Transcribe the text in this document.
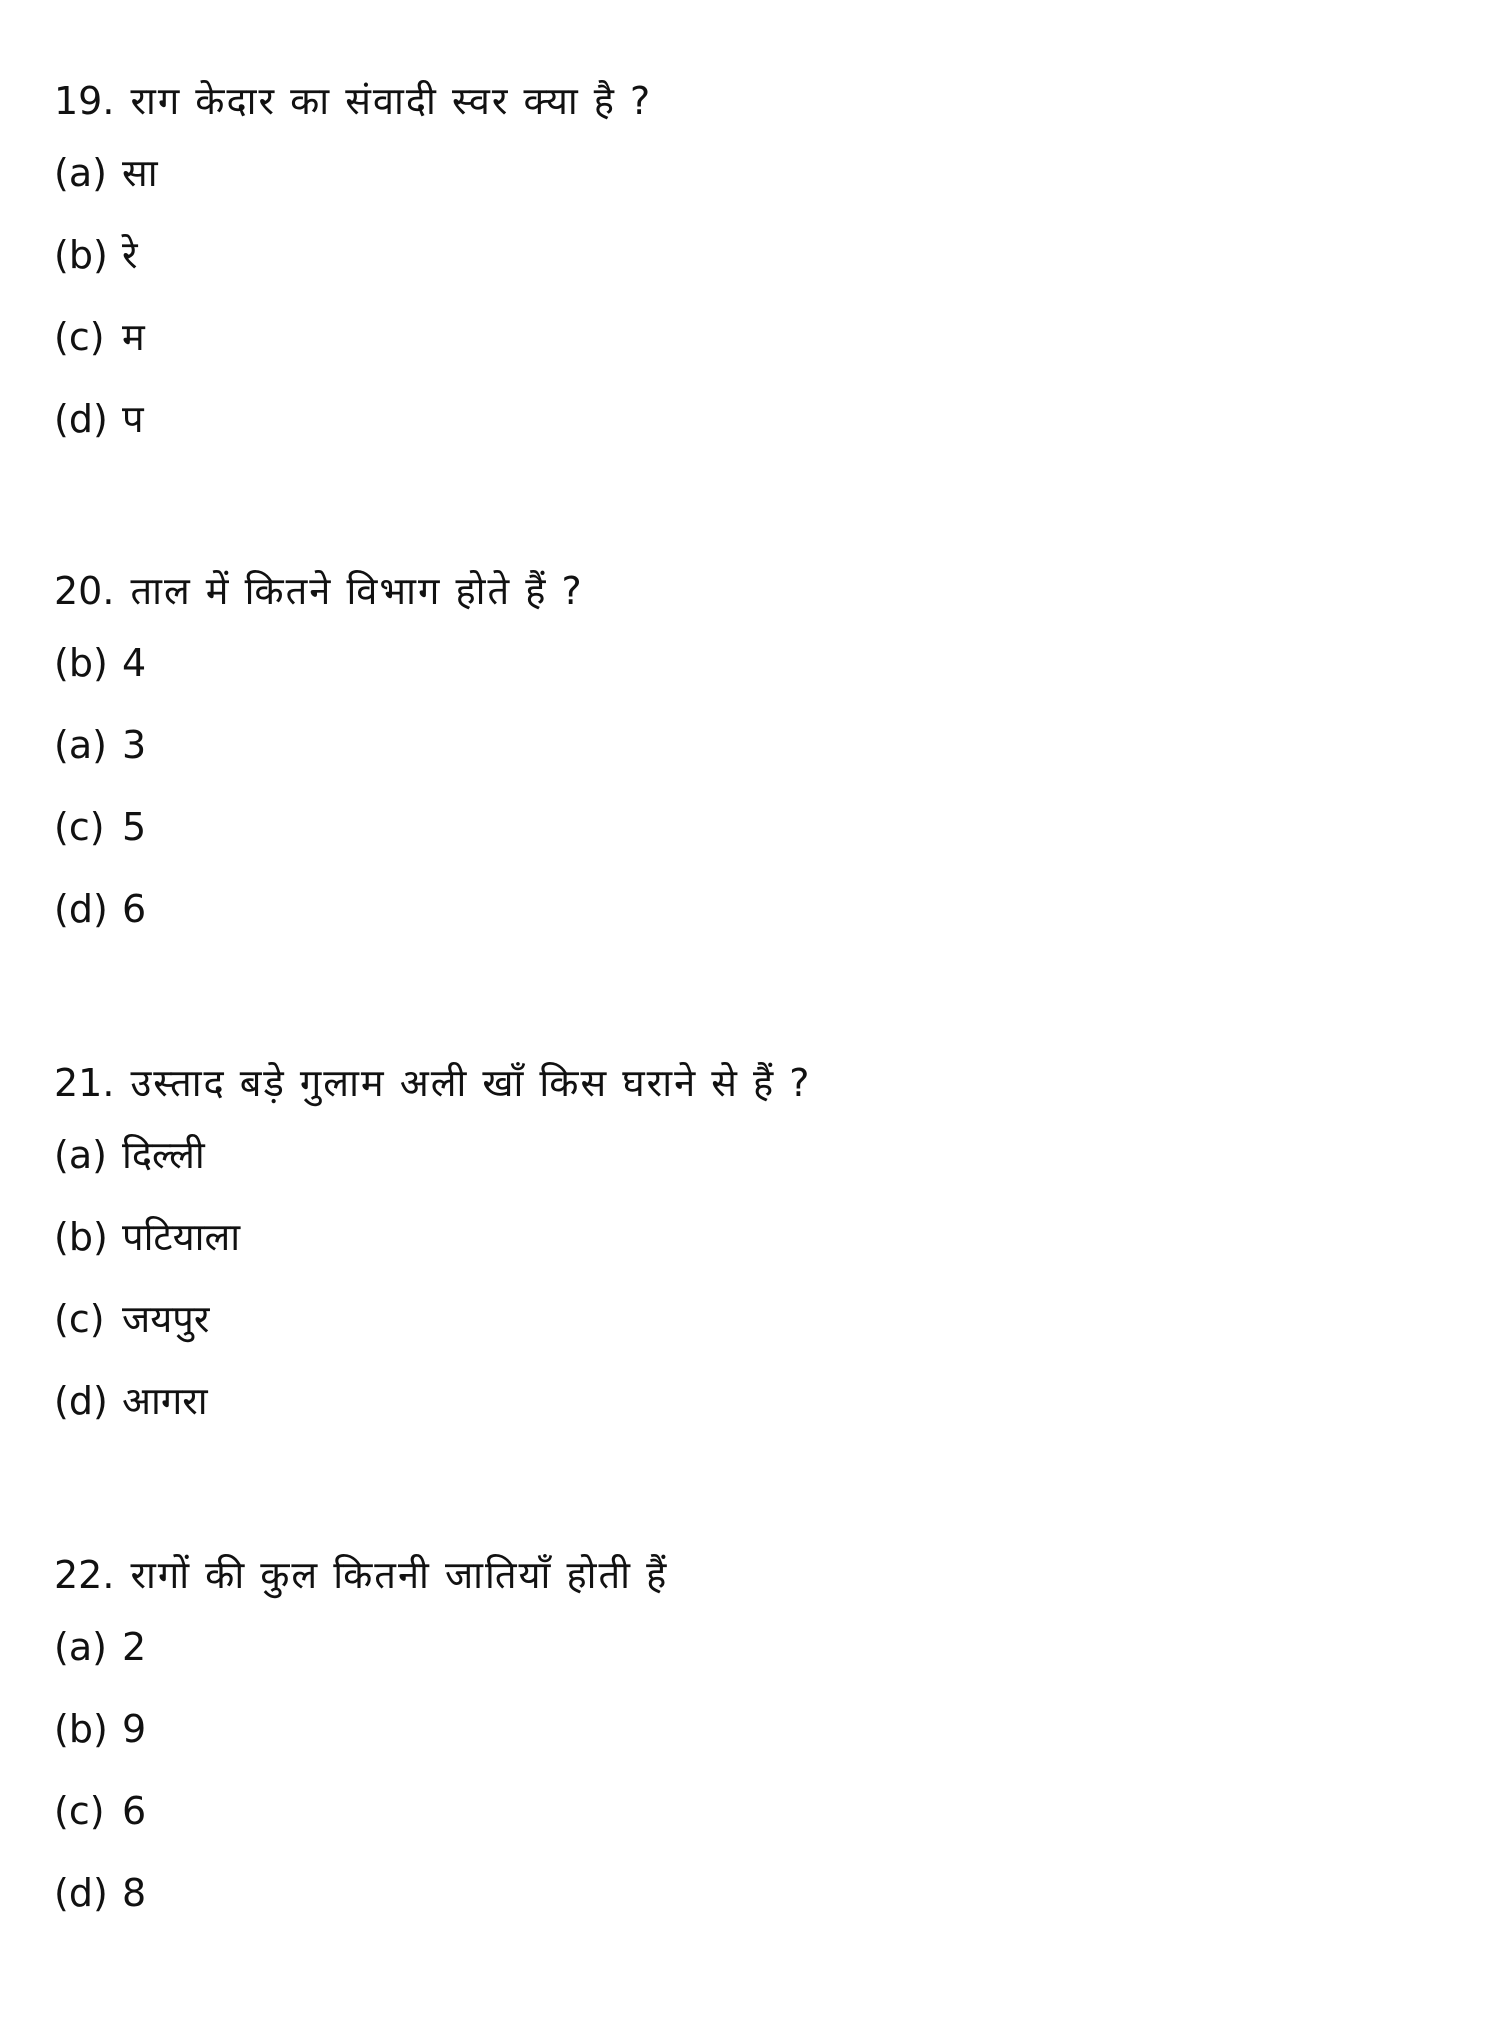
19. राग केदार का संवादी स्वर क्या है ?
(a) सा
(b) रे
(c) म
(d) प
20. ताल में कितने विभाग होते हैं ?
(b) 4
(a) 3
(c) 5
(d) 6
21. उस्ताद बड़े गुलाम अली खाँ किस घराने से हैं ?
(a) दिल्ली
(b) पटियाला
(c) जयपुर
(d) आगरा
22. रागों की कुल कितनी जातियाँ होती हैं
(a) 2
(b) 9
(c) 6
(d) 8
